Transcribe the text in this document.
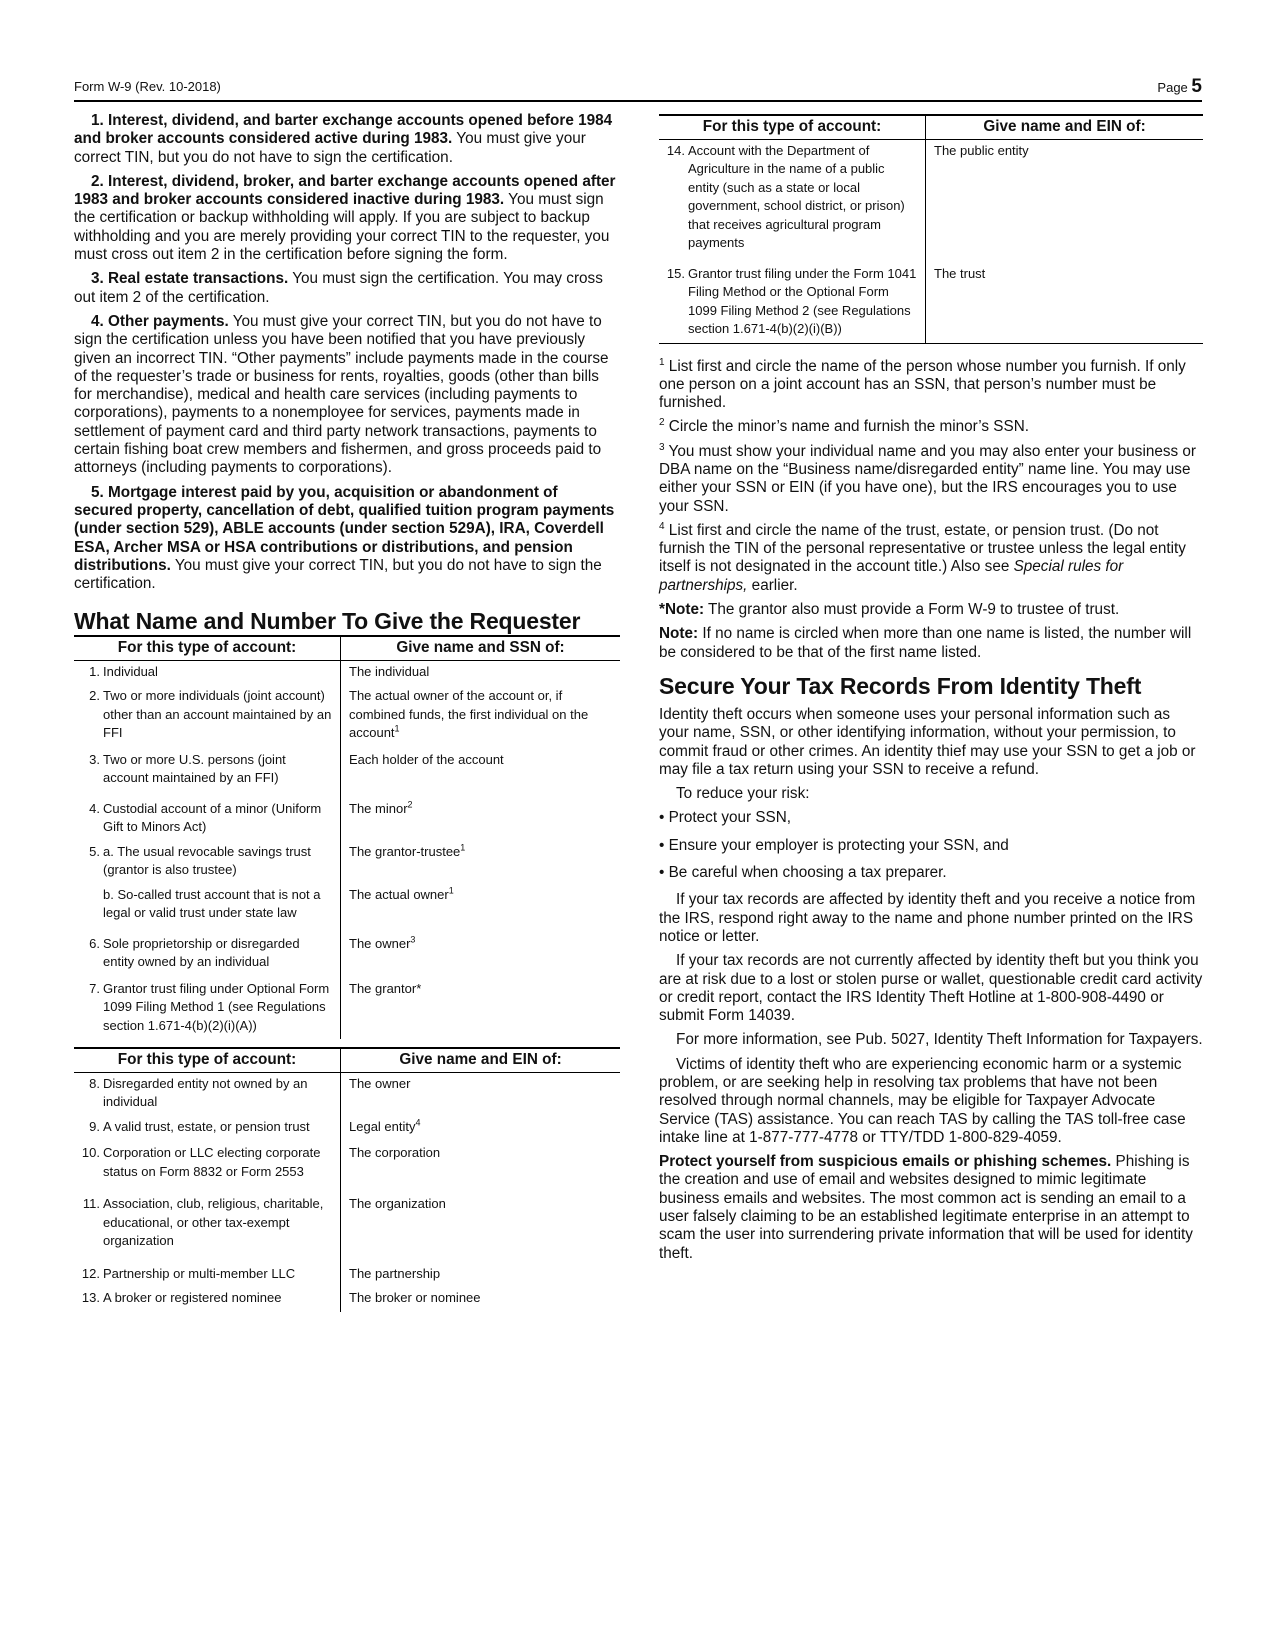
Form W-9 (Rev. 10-2018)	Page 5

1. Interest, dividend, and barter exchange accounts opened before 1984 and broker accounts considered active during 1983. You must give your correct TIN, but you do not have to sign the certification.

2. Interest, dividend, broker, and barter exchange accounts opened after 1983 and broker accounts considered inactive during 1983. You must sign the certification or backup withholding will apply. If you are subject to backup withholding and you are merely providing your correct TIN to the requester, you must cross out item 2 in the certification before signing the form.

3. Real estate transactions. You must sign the certification. You may cross out item 2 of the certification.

4. Other payments. You must give your correct TIN, but you do not have to sign the certification unless you have been notified that you have previously given an incorrect TIN. “Other payments” include payments made in the course of the requester’s trade or business for rents, royalties, goods (other than bills for merchandise), medical and health care services (including payments to corporations), payments to a nonemployee for services, payments made in settlement of payment card and third party network transactions, payments to certain fishing boat crew members and fishermen, and gross proceeds paid to attorneys (including payments to corporations).

5. Mortgage interest paid by you, acquisition or abandonment of secured property, cancellation of debt, qualified tuition program payments (under section 529), ABLE accounts (under section 529A), IRA, Coverdell ESA, Archer MSA or HSA contributions or distributions, and pension distributions. You must give your correct TIN, but you do not have to sign the certification.

What Name and Number To Give the Requester
For this type of account:	Give name and SSN of:
1. Individual	The individual
2. Two or more individuals (joint account) other than an account maintained by an FFI	The actual owner of the account or, if combined funds, the first individual on the account$^1$
3. Two or more U.S. persons (joint account maintained by an FFI)	Each holder of the account
4. Custodial account of a minor (Uniform Gift to Minors Act)	The minor$^2$
5. a. The usual revocable savings trust (grantor is also trustee)	The grantor-trustee$^1$
b. So-called trust account that is not a legal or valid trust under state law	The actual owner$^1$
6. Sole proprietorship or disregarded entity owned by an individual	The owner$^3$
7. Grantor trust filing under Optional Form 1099 Filing Method 1 (see Regulations section 1.671-4(b)(2)(i)(A))	The grantor*
For this type of account:	Give name and EIN of:
8. Disregarded entity not owned by an individual	The owner
9. A valid trust, estate, or pension trust	Legal entity$^4$
10. Corporation or LLC electing corporate status on Form 8832 or Form 2553	The corporation
11. Association, club, religious, charitable, educational, or other tax-exempt organization	The organization
12. Partnership or multi-member LLC	The partnership
13. A broker or registered nominee	The broker or nominee
For this type of account:	Give name and EIN of:
14. Account with the Department of Agriculture in the name of a public entity (such as a state or local government, school district, or prison) that receives agricultural program payments	The public entity
15. Grantor trust filing under the Form 1041 Filing Method or the Optional Form 1099 Filing Method 2 (see Regulations section 1.671-4(b)(2)(i)(B))	The trust

$^1$ List first and circle the name of the person whose number you furnish. If only one person on a joint account has an SSN, that person’s number must be furnished.

$^2$ Circle the minor’s name and furnish the minor’s SSN.

$^3$ You must show your individual name and you may also enter your business or DBA name on the “Business name/disregarded entity” name line. You may use either your SSN or EIN (if you have one), but the IRS encourages you to use your SSN.

$^4$ List first and circle the name of the trust, estate, or pension trust. (Do not furnish the TIN of the personal representative or trustee unless the legal entity itself is not designated in the account title.) Also see Special rules for partnerships, earlier.

*Note: The grantor also must provide a Form W-9 to trustee of trust.

Note: If no name is circled when more than one name is listed, the number will be considered to be that of the first name listed.

Secure Your Tax Records From Identity Theft

Identity theft occurs when someone uses your personal information such as your name, SSN, or other identifying information, without your permission, to commit fraud or other crimes. An identity thief may use your SSN to get a job or may file a tax return using your SSN to receive a refund.

To reduce your risk:

• Protect your SSN,

• Ensure your employer is protecting your SSN, and

• Be careful when choosing a tax preparer.

If your tax records are affected by identity theft and you receive a notice from the IRS, respond right away to the name and phone number printed on the IRS notice or letter.

If your tax records are not currently affected by identity theft but you think you are at risk due to a lost or stolen purse or wallet, questionable credit card activity or credit report, contact the IRS Identity Theft Hotline at 1-800-908-4490 or submit Form 14039.

For more information, see Pub. 5027, Identity Theft Information for Taxpayers.

Victims of identity theft who are experiencing economic harm or a systemic problem, or are seeking help in resolving tax problems that have not been resolved through normal channels, may be eligible for Taxpayer Advocate Service (TAS) assistance. You can reach TAS by calling the TAS toll-free case intake line at 1-877-777-4778 or TTY/TDD 1-800-829-4059.

Protect yourself from suspicious emails or phishing schemes. Phishing is the creation and use of email and websites designed to mimic legitimate business emails and websites. The most common act is sending an email to a user falsely claiming to be an established legitimate enterprise in an attempt to scam the user into surrendering private information that will be used for identity theft.
